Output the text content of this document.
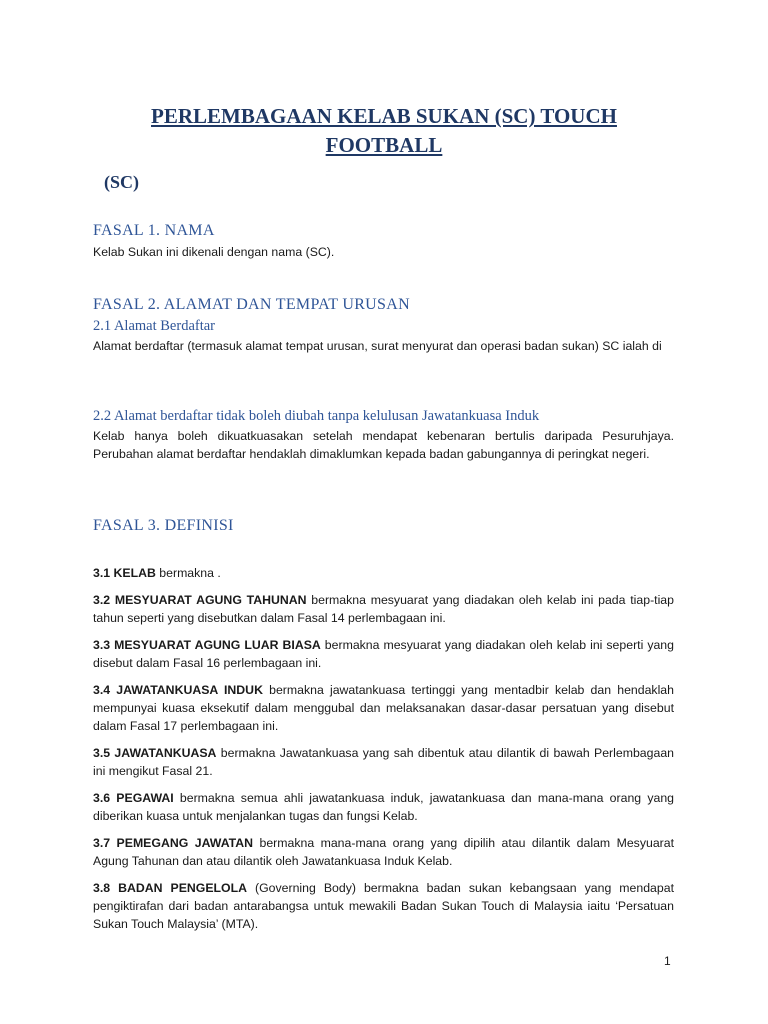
PERLEMBAGAAN KELAB SUKAN (SC) TOUCH FOOTBALL

(SC)

FASAL 1. NAMA

Kelab Sukan ini dikenali dengan nama (SC).

FASAL 2. ALAMAT DAN TEMPAT URUSAN
2.1 Alamat Berdaftar

Alamat berdaftar (termasuk alamat tempat urusan, surat menyurat dan operasi badan sukan) SC ialah di

2.2 Alamat berdaftar tidak boleh diubah tanpa kelulusan Jawatankuasa Induk

Kelab hanya boleh dikuatkuasakan setelah mendapat kebenaran bertulis daripada Pesuruhjaya. Perubahan alamat berdaftar hendaklah dimaklumkan kepada badan gabungannya di peringkat negeri.

FASAL 3. DEFINISI

3.1 KELAB bermakna .

3.2 MESYUARAT AGUNG TAHUNAN bermakna mesyuarat yang diadakan oleh kelab ini pada tiap-tiap tahun seperti yang disebutkan dalam Fasal 14 perlembagaan ini.

3.3 MESYUARAT AGUNG LUAR BIASA bermakna mesyuarat yang diadakan oleh kelab ini seperti yang disebut dalam Fasal 16 perlembagaan ini.

3.4 JAWATANKUASA INDUK bermakna jawatankuasa tertinggi yang mentadbir kelab dan hendaklah mempunyai kuasa eksekutif dalam menggubal dan melaksanakan dasar-dasar persatuan yang disebut dalam Fasal 17 perlembagaan ini.

3.5 JAWATANKUASA bermakna Jawatankuasa yang sah dibentuk atau dilantik di bawah Perlembagaan ini mengikut Fasal 21.

3.6 PEGAWAI bermakna semua ahli jawatankuasa induk, jawatankuasa dan mana-mana orang yang diberikan kuasa untuk menjalankan tugas dan fungsi Kelab.

3.7 PEMEGANG JAWATAN bermakna mana-mana orang yang dipilih atau dilantik dalam Mesyuarat Agung Tahunan dan atau dilantik oleh Jawatankuasa Induk Kelab.

3.8 BADAN PENGELOLA (Governing Body) bermakna badan sukan kebangsaan yang mendapat pengiktirafan dari badan antarabangsa untuk mewakili Badan Sukan Touch di Malaysia iaitu ‘Persatuan Sukan Touch Malaysia’ (MTA).

1
